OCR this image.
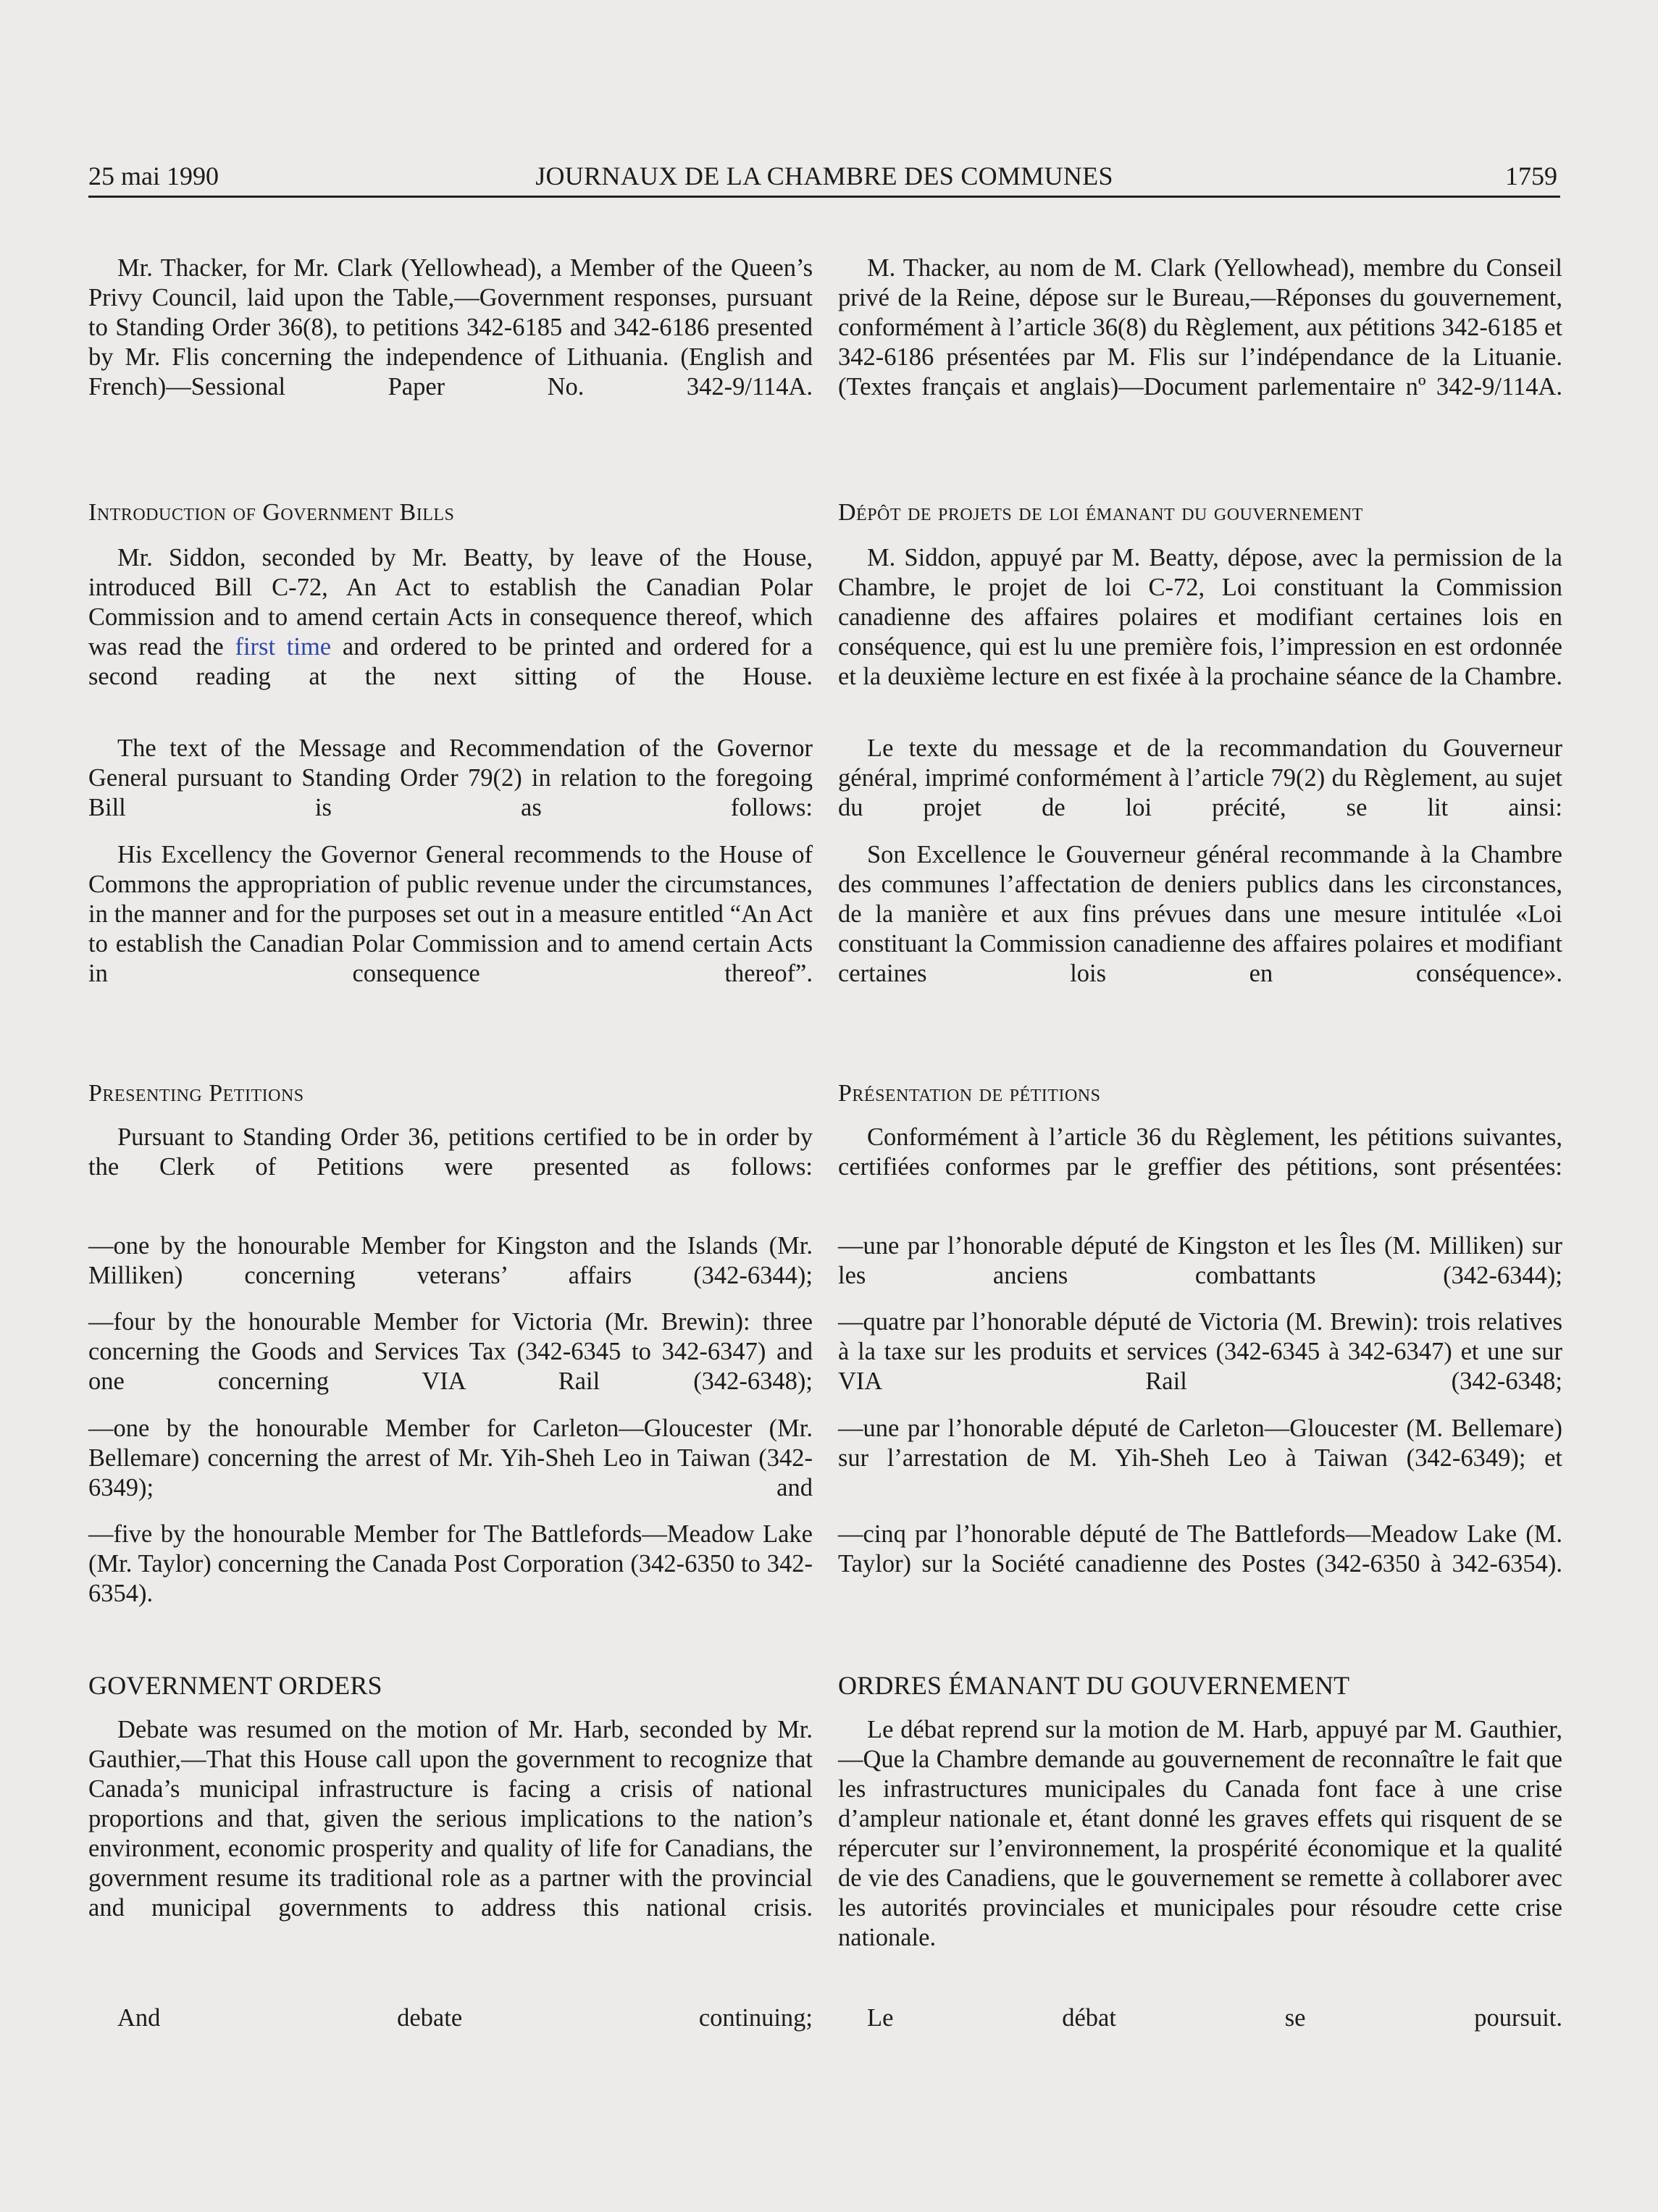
25 mai 1990	JOURNAUX DE LA CHAMBRE DES COMMUNES	1759

Mr. Thacker, for Mr. Clark (Yellowhead), a Member of the Queen’s Privy Council, laid upon the Table,—Government responses, pursuant to Standing Order 36(8), to petitions 342-6185 and 342-6186 presented by Mr. Flis concerning the independence of Lithuania. (English and French)—Sessional Paper No. 342-9/114A.

Introduction of Government Bills

Mr. Siddon, seconded by Mr. Beatty, by leave of the House, introduced Bill C-72, An Act to establish the Canadian Polar Commission and to amend certain Acts in consequence thereof, which was read the first time and ordered to be printed and ordered for a second reading at the next sitting of the House.

The text of the Message and Recommendation of the Governor General pursuant to Standing Order 79(2) in relation to the foregoing Bill is as follows:

His Excellency the Governor General recommends to the House of Commons the appropriation of public revenue under the circumstances, in the manner and for the purposes set out in a measure entitled “An Act to establish the Canadian Polar Commission and to amend certain Acts in consequence thereof”.

Presenting Petitions

Pursuant to Standing Order 36, petitions certified to be in order by the Clerk of Petitions were presented as follows:

—one by the honourable Member for Kingston and the Islands (Mr. Milliken) concerning veterans’ affairs (342-6344);

—four by the honourable Member for Victoria (Mr. Brewin): three concerning the Goods and Services Tax (342-6345 to 342-6347) and one concerning VIA Rail (342-6348);

—one by the honourable Member for Carleton—Gloucester (Mr. Bellemare) concerning the arrest of Mr. Yih-Sheh Leo in Taiwan (342-6349); and

—five by the honourable Member for The Battlefords—Meadow Lake (Mr. Taylor) concerning the Canada Post Corporation (342-6350 to 342-6354).

GOVERNMENT ORDERS

Debate was resumed on the motion of Mr. Harb, seconded by Mr. Gauthier,—That this House call upon the government to recognize that Canada’s municipal infrastructure is facing a crisis of national proportions and that, given the serious implications to the nation’s environment, economic prosperity and quality of life for Canadians, the government resume its traditional role as a partner with the provincial and municipal governments to address this national crisis.

And debate continuing;

M. Thacker, au nom de M. Clark (Yellowhead), membre du Conseil privé de la Reine, dépose sur le Bureau,—Réponses du gouvernement, conformément à l’article 36(8) du Règlement, aux pétitions 342-6185 et 342-6186 présentées par M. Flis sur l’indépendance de la Lituanie. (Textes français et anglais)—Document parlementaire nº 342-9/114A.

Dépôt de projets de loi émanant du gouvernement

M. Siddon, appuyé par M. Beatty, dépose, avec la permission de la Chambre, le projet de loi C-72, Loi constituant la Commission canadienne des affaires polaires et modifiant certaines lois en conséquence, qui est lu une première fois, l’impression en est ordonnée et la deuxième lecture en est fixée à la prochaine séance de la Chambre.

Le texte du message et de la recommandation du Gouverneur général, imprimé conformément à l’article 79(2) du Règlement, au sujet du projet de loi précité, se lit ainsi:

Son Excellence le Gouverneur général recommande à la Chambre des communes l’affectation de deniers publics dans les circonstances, de la manière et aux fins prévues dans une mesure intitulée «Loi constituant la Commission canadienne des affaires polaires et modifiant certaines lois en conséquence».

Présentation de pétitions

Conformément à l’article 36 du Règlement, les pétitions suivantes, certifiées conformes par le greffier des pétitions, sont présentées:

—une par l’honorable député de Kingston et les Îles (M. Milliken) sur les anciens combattants (342-6344);

—quatre par l’honorable député de Victoria (M. Brewin): trois relatives à la taxe sur les produits et services (342-6345 à 342-6347) et une sur VIA Rail (342-6348;

—une par l’honorable député de Carleton—Gloucester (M. Bellemare) sur l’arrestation de M. Yih-Sheh Leo à Taiwan (342-6349); et

—cinq par l’honorable député de The Battlefords—Meadow Lake (M. Taylor) sur la Société canadienne des Postes (342-6350 à 342-6354).

ORDRES ÉMANANT DU GOUVERNEMENT

Le débat reprend sur la motion de M. Harb, appuyé par M. Gauthier,—Que la Chambre demande au gouvernement de reconnaître le fait que les infrastructures municipales du Canada font face à une crise d’ampleur nationale et, étant donné les graves effets qui risquent de se répercuter sur l’environnement, la prospérité économique et la qualité de vie des Canadiens, que le gouvernement se remette à collaborer avec les autorités provinciales et municipales pour résoudre cette crise nationale.

Le débat se poursuit.
